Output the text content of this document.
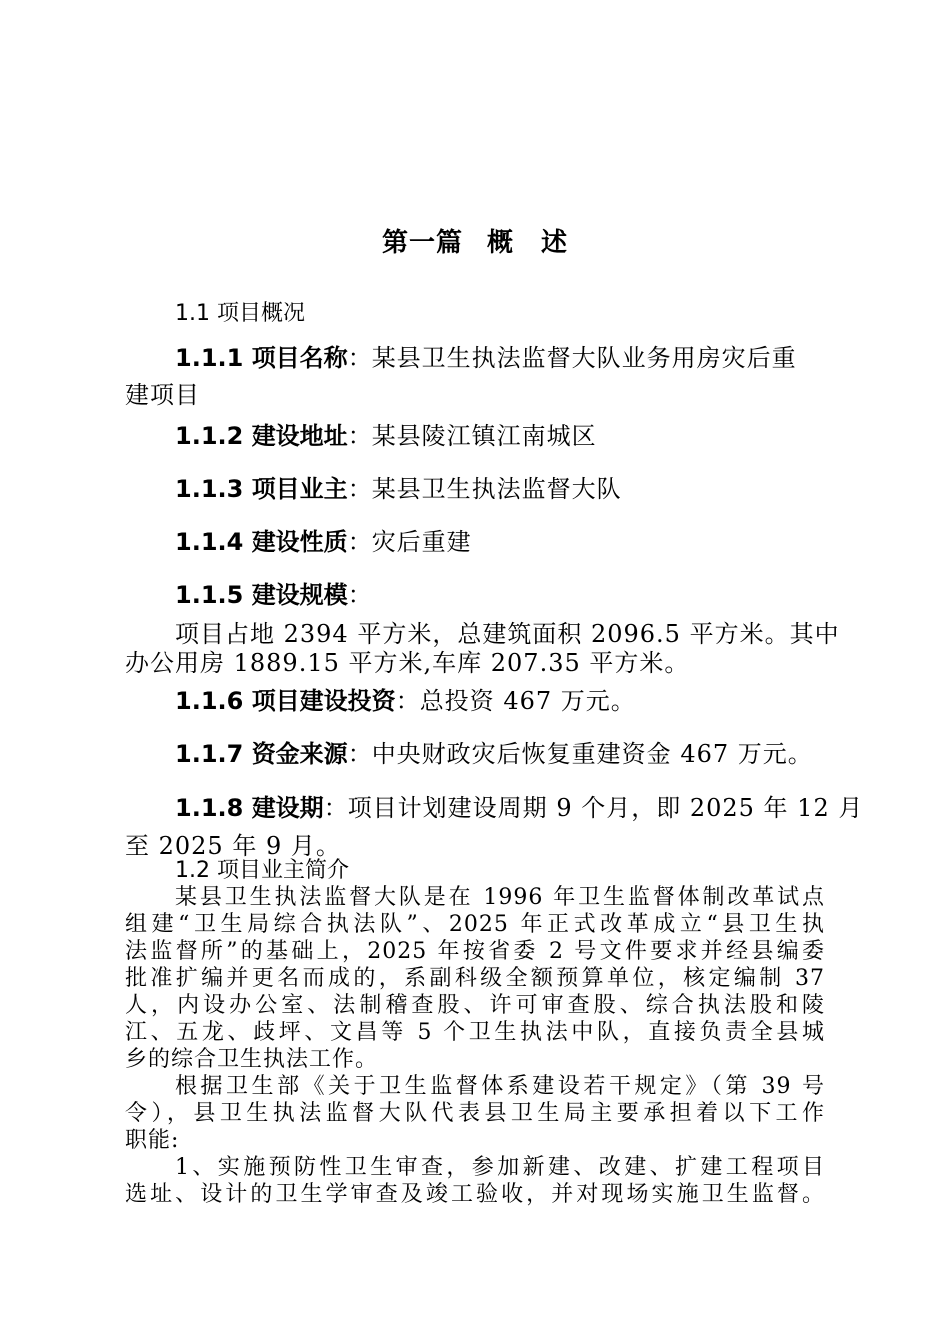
第一篇 概　述
1.1 项目概况
1.1.1 项目名称：某县卫生执法监督大队业务用房灾后重
建项目
1.1.2 建设地址：某县陵江镇江南城区
1.1.3 项目业主：某县卫生执法监督大队
1.1.4 建设性质：灾后重建
1.1.5 建设规模：
项目占地 2394 平方米，总建筑面积 2096.5 平方米。其中
办公用房 1889.15 平方米,车库 207.35 平方米。
1.1.6 项目建设投资：总投资 467 万元。
1.1.7 资金来源：中央财政灾后恢复重建资金 467 万元。
1.1.8 建设期：项目计划建设周期 9 个月，即 2025 年 12 月
至 2025 年 9 月。
1.2 项目业主简介
某县卫生执法监督大队是在 1996 年卫生监督体制改革试点
组建“卫生局综合执法队”、2025 年正式改革成立“县卫生执
法监督所”的基础上，2025 年按省委 2 号文件要求并经县编委
批准扩编并更名而成的，系副科级全额预算单位，核定编制 37
人，内设办公室、法制稽查股、许可审查股、综合执法股和陵
江、五龙、歧坪、文昌等 5 个卫生执法中队，直接负责全县城
乡的综合卫生执法工作。
根据卫生部《关于卫生监督体系建设若干规定》（第 39 号
令），县卫生执法监督大队代表县卫生局主要承担着以下工作
职能:
1、实施预防性卫生审查，参加新建、改建、扩建工程项目
选址、设计的卫生学审查及竣工验收，并对现场实施卫生监督。
